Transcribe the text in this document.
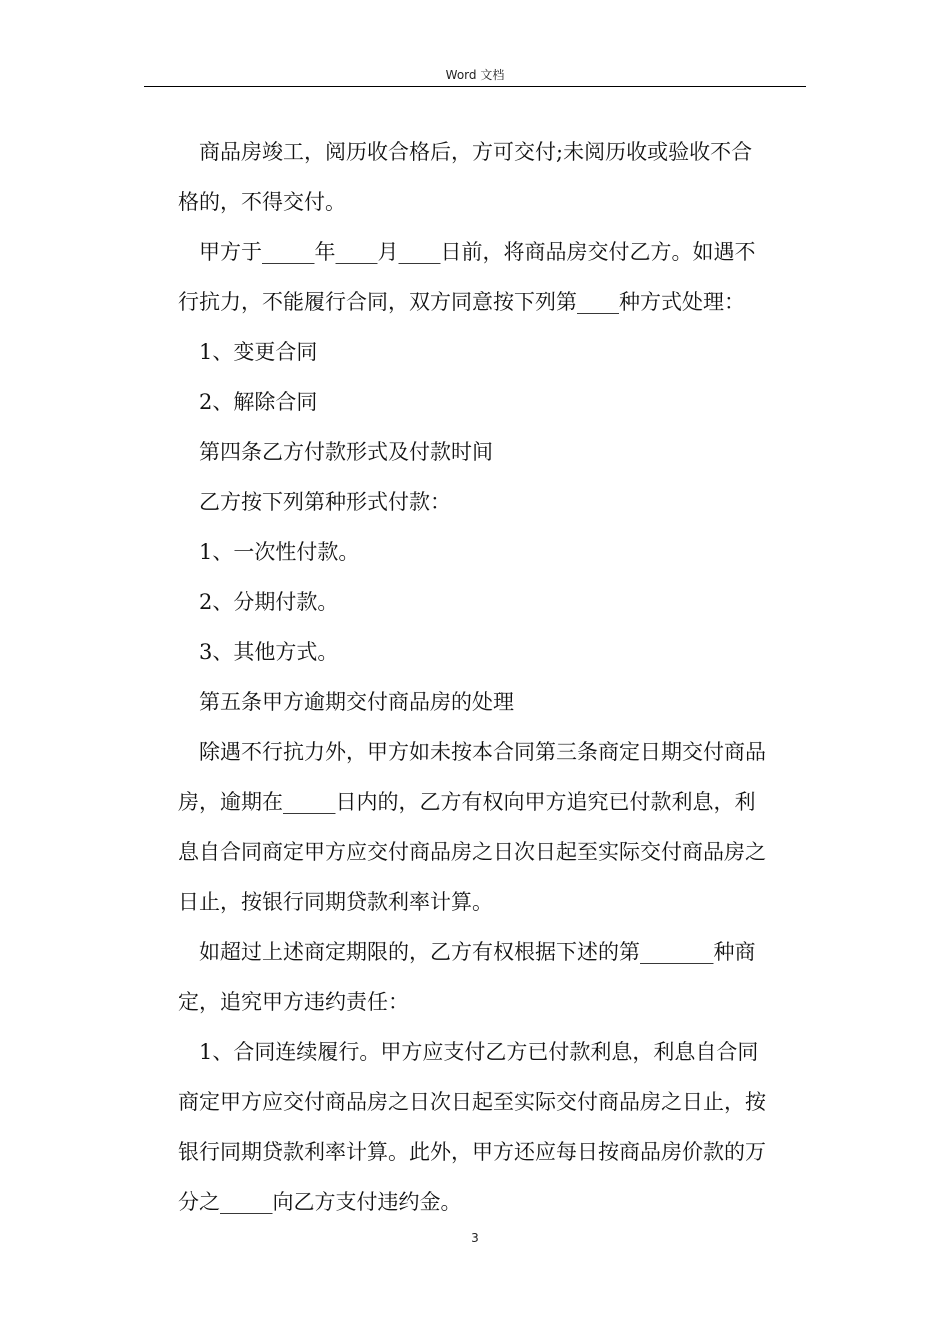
Word 文档
商品房竣工，阅历收合格后，方可交付;未阅历收或验收不合
格的，不得交付。
甲方于_____年____月____日前，将商品房交付乙方。如遇不
行抗力，不能履行合同，双方同意按下列第____种方式处理：
1、变更合同
2、解除合同
第四条乙方付款形式及付款时间
乙方按下列第种形式付款：
1、一次性付款。
2、分期付款。
3、其他方式。
第五条甲方逾期交付商品房的处理
除遇不行抗力外，甲方如未按本合同第三条商定日期交付商品
房，逾期在_____日内的，乙方有权向甲方追究已付款利息，利
息自合同商定甲方应交付商品房之日次日起至实际交付商品房之
日止，按银行同期贷款利率计算。
如超过上述商定期限的，乙方有权根据下述的第_______种商
定，追究甲方违约责任：
1、合同连续履行。甲方应支付乙方已付款利息，利息自合同
商定甲方应交付商品房之日次日起至实际交付商品房之日止，按
银行同期贷款利率计算。此外，甲方还应每日按商品房价款的万
分之_____向乙方支付违约金。
3
